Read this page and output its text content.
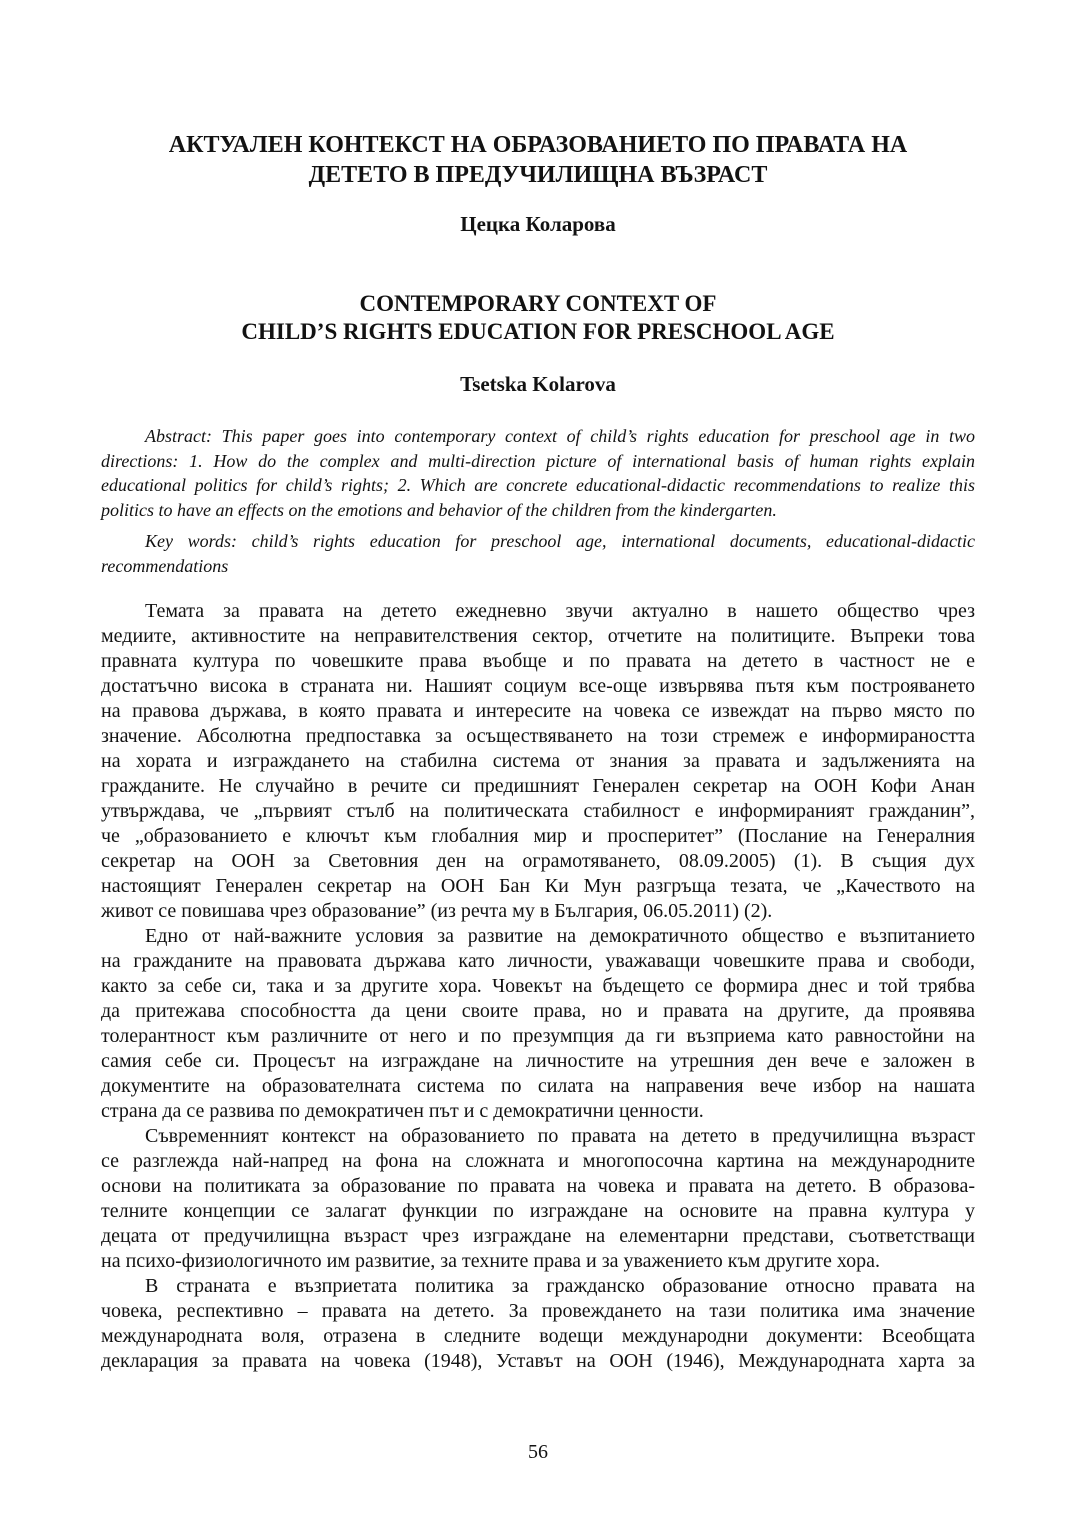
АКТУАЛЕН КОНТЕКСТ НА ОБРАЗОВАНИЕТО ПО ПРАВАТА НА
ДЕТЕТО В ПРЕДУЧИЛИЩНА ВЪЗРАСТ
Цецка Коларова
CONTEMPORARY CONTEXT OF
CHILD’S RIGHTS EDUCATION FOR PRESCHOOL AGE
Tsetska Kolarova
Abstract: This paper goes into contemporary context of child’s rights education for preschool age in two
directions: 1. How do the complex and multi-direction picture of international basis of human rights explain
educational politics for child’s rights; 2. Which are concrete educational-didactic recommendations to realize this
politics to have an effects on the emotions and behavior of the children from the kindergarten.
Key words: child’s rights education for preschool age, international documents, educational-didactic
recommendations
Темата за правата на детето ежедневно звучи актуално в нашето общество чрез
медиите, активностите на неправителствения сектор, отчетите на политиците. Въпреки това
правната култура по човешките права въобще и по правата на детето в частност не е
достатъчно висока в страната ни. Нашият социум все-още извървява пътя към построяването
на правова държава, в която правата и интересите на човека се извеждат на първо място по
значение. Абсолютна предпоставка за осъществяването на този стремеж е информираността
на хората и изграждането на стабилна система от знания за правата и задълженията на
гражданите. Не случайно в речите си предишният Генерален секретар на ООН Кофи Анан
утвърждава, че „първият стълб на политическата стабилност е информираният гражданин”,
че „образованието е ключът към глобалния мир и просперитет” (Послание на Генералния
секретар на ООН за Световния ден на ограмотяването, 08.09.2005) (1). В същия дух
настоящият Генерален секретар на ООН Бан Ки Мун разгръща тезата, че „Качеството на
живот се повишава чрез образование” (из речта му в България, 06.05.2011) (2).
Едно от най-важните условия за развитие на демократичното общество е възпитанието
на гражданите на правовата държава като личности, уважаващи човешките права и свободи,
както за себе си, така и за другите хора. Човекът на бъдещето се формира днес и той трябва
да притежава способността да цени своите права, но и правата на другите, да проявява
толерантност към различните от него и по презумпция да ги възприема като равностойни на
самия себе си. Процесът на изграждане на личностите на утрешния ден вече е заложен в
документите на образователната система по силата на направения вече избор на нашата
страна да се развива по демократичен път и с демократични ценности.
Съвременният контекст на образованието по правата на детето в предучилищна възраст
се разглежда най-напред на фона на сложната и многопосочна картина на международните
основи на политиката за образование по правата на човека и правата на детето. В образова-
телните концепции се залагат функции по изграждане на основите на правна култура у
децата от предучилищна възраст чрез изграждане на елементарни представи, съответстващи
на психо-физиологичното им развитие, за техните права и за уважението към другите хора.
В страната е възприетата политика за гражданско образование относно правата на
човека, респективно – правата на детето. За провеждането на тази политика има значение
международната воля, отразена в следните водещи международни документи: Всеобщата
декларация за правата на човека (1948), Уставът на ООН (1946), Международната харта за
56
